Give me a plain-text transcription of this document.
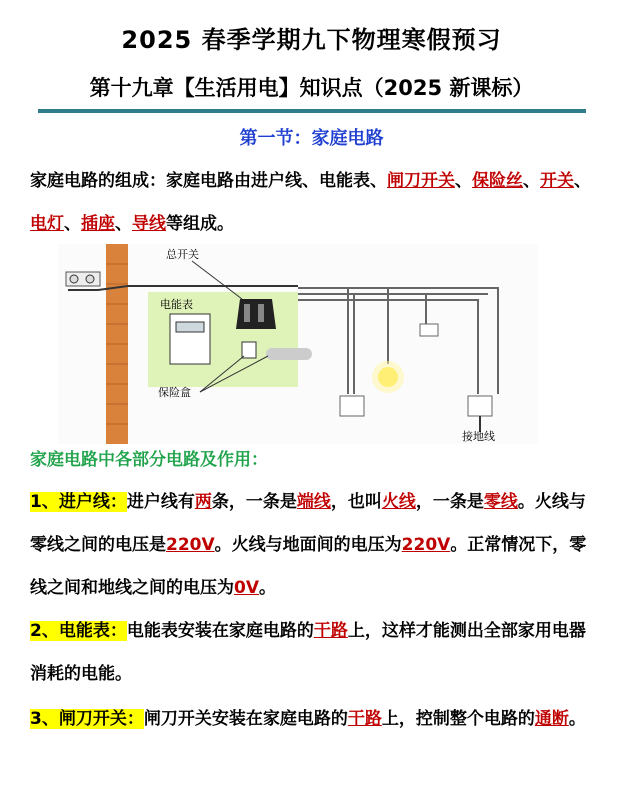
2025 春季学期九下物理寒假预习
第十九章【生活用电】知识点（2025 新课标）
第一节：家庭电路
家庭电路的组成：家庭电路由进户线、电能表、闸刀开关、保险丝、开关、电灯、插座、导线等组成。
电能表
总开关
保险盒
接地线
家庭电路中各部分电路及作用：
1、进户线：进户线有两条，一条是端线，也叫火线，一条是零线。火线与零线之间的电压是220V。火线与地面间的电压为220V。正常情况下，零线之间和地线之间的电压为0V。
2、电能表：电能表安装在家庭电路的干路上，这样才能测出全部家用电器消耗的电能。
3、闸刀开关：闸刀开关安装在家庭电路的干路上，控制整个电路的通断。
